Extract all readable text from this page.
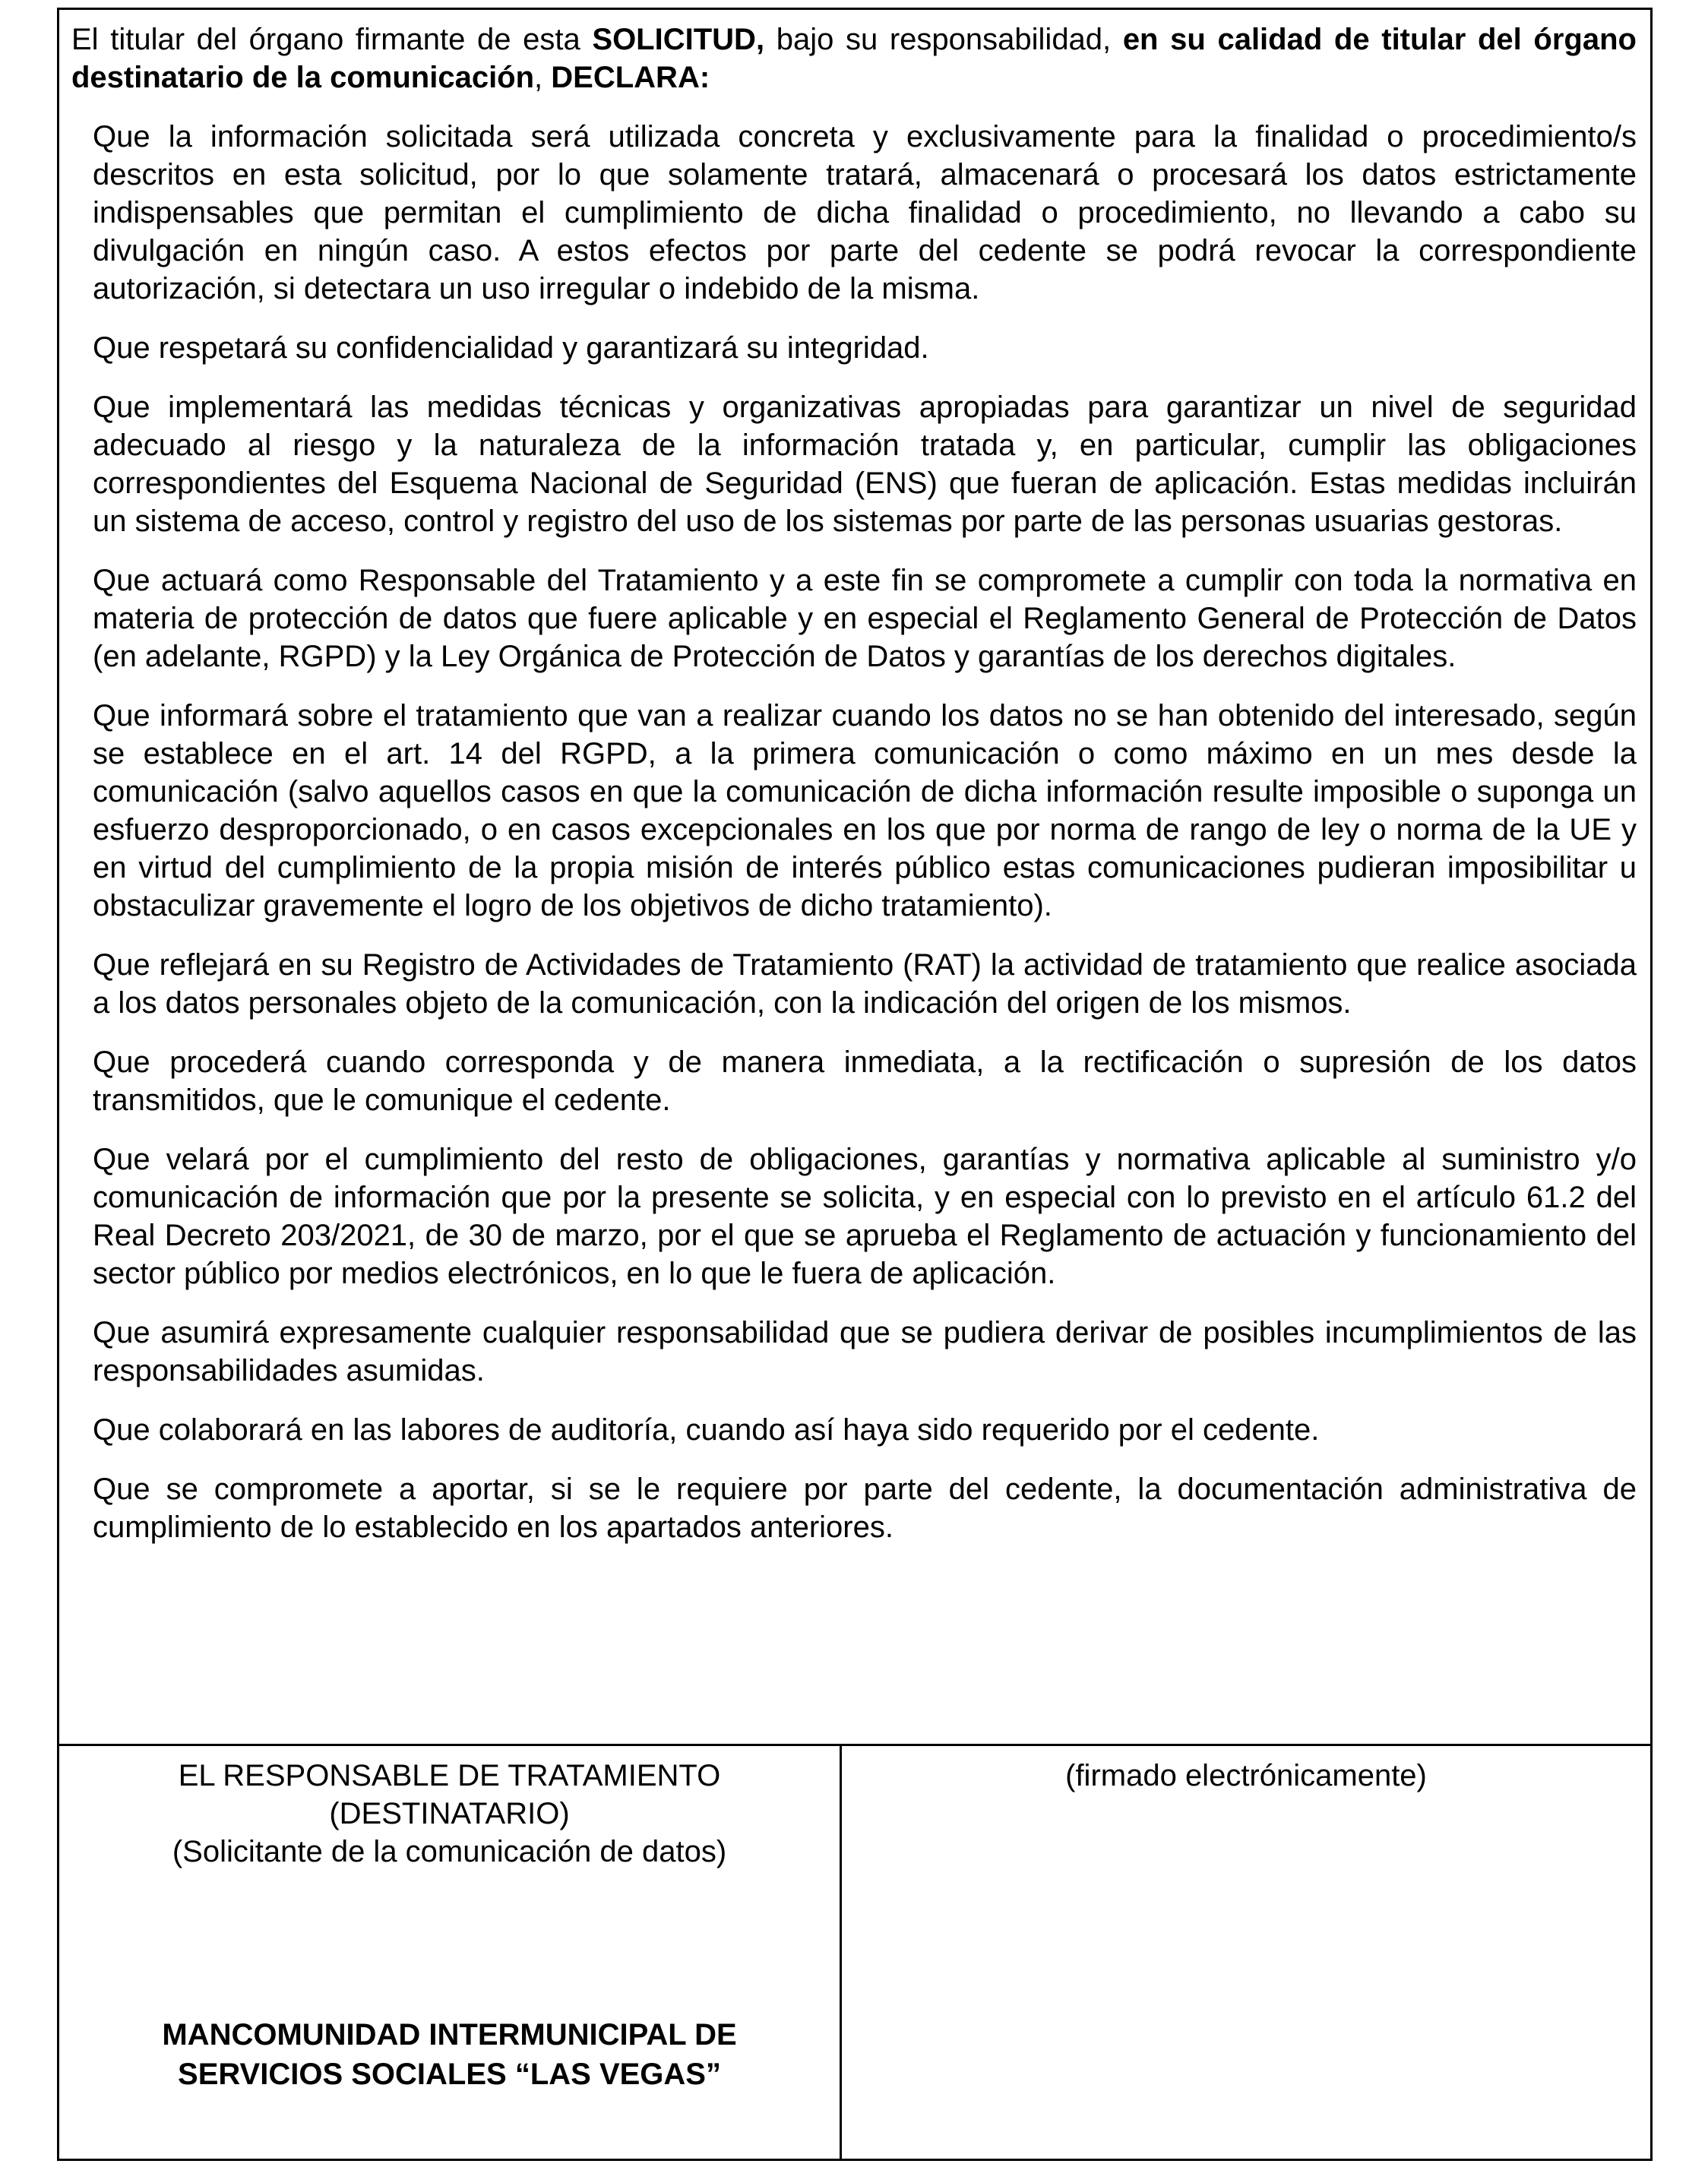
El titular del órgano firmante de esta SOLICITUD, bajo su responsabilidad, en su calidad de titular del órgano destinatario de la comunicación, DECLARA:

Que la información solicitada será utilizada concreta y exclusivamente para la finalidad o procedimiento/s descritos en esta solicitud, por lo que solamente tratará, almacenará o procesará los datos estrictamente indispensables que permitan el cumplimiento de dicha finalidad o procedimiento, no llevando a cabo su divulgación en ningún caso. A estos efectos por parte del cedente se podrá revocar la correspondiente autorización, si detectara un uso irregular o indebido de la misma.

Que respetará su confidencialidad y garantizará su integridad.

Que implementará las medidas técnicas y organizativas apropiadas para garantizar un nivel de seguridad adecuado al riesgo y la naturaleza de la información tratada y, en particular, cumplir las obligaciones correspondientes del Esquema Nacional de Seguridad (ENS) que fueran de aplicación. Estas medidas incluirán un sistema de acceso, control y registro del uso de los sistemas por parte de las personas usuarias gestoras.

Que actuará como Responsable del Tratamiento y a este fin se compromete a cumplir con toda la normativa en materia de protección de datos que fuere aplicable y en especial el Reglamento General de Protección de Datos (en adelante, RGPD) y la Ley Orgánica de Protección de Datos y garantías de los derechos digitales.

Que informará sobre el tratamiento que van a realizar cuando los datos no se han obtenido del interesado, según se establece en el art. 14 del RGPD, a la primera comunicación o como máximo en un mes desde la comunicación (salvo aquellos casos en que la comunicación de dicha información resulte imposible o suponga un esfuerzo desproporcionado, o en casos excepcionales en los que por norma de rango de ley o norma de la UE y en virtud del cumplimiento de la propia misión de interés público estas comunicaciones pudieran imposibilitar u obstaculizar gravemente el logro de los objetivos de dicho tratamiento).

Que reflejará en su Registro de Actividades de Tratamiento (RAT) la actividad de tratamiento que realice asociada a los datos personales objeto de la comunicación, con la indicación del origen de los mismos.

Que procederá cuando corresponda y de manera inmediata, a la rectificación o supresión de los datos transmitidos, que le comunique el cedente.

Que velará por el cumplimiento del resto de obligaciones, garantías y normativa aplicable al suministro y/o comunicación de información que por la presente se solicita, y en especial con lo previsto en el artículo 61.2 del Real Decreto 203/2021, de 30 de marzo, por el que se aprueba el Reglamento de actuación y funcionamiento del sector público por medios electrónicos, en lo que le fuera de aplicación.

Que asumirá expresamente cualquier responsabilidad que se pudiera derivar de posibles incumplimientos de las responsabilidades asumidas.

Que colaborará en las labores de auditoría, cuando así haya sido requerido por el cedente.

Que se compromete a aportar, si se le requiere por parte del cedente, la documentación administrativa de cumplimiento de lo establecido en los apartados anteriores.

EL RESPONSABLE DE TRATAMIENTO

(DESTINATARIO)

(Solicitante de la comunicación de datos)

MANCOMUNIDAD INTERMUNICIPAL DE

SERVICIOS SOCIALES “LAS VEGAS”

(firmado electrónicamente)
